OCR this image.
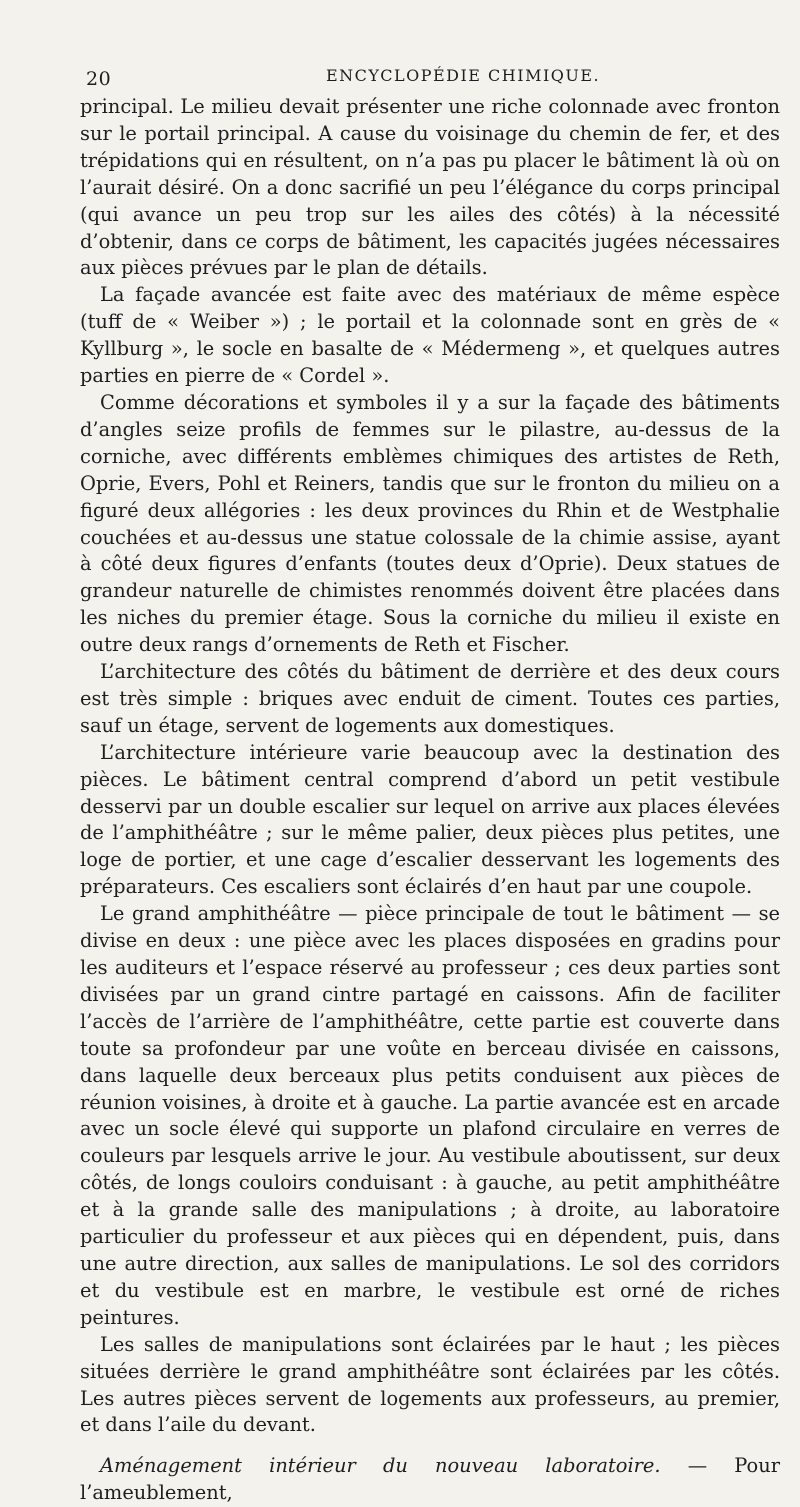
20	ENCYCLOPÉDIE CHIMIQUE.

principal. Le milieu devait présenter une riche colonnade avec fronton sur le portail principal. A cause du voisinage du chemin de fer, et des trépidations qui en résultent, on n’a pas pu placer le bâtiment là où on l’aurait désiré. On a donc sacrifié un peu l’élégance du corps principal (qui avance un peu trop sur les ailes des côtés) à la nécessité d’obtenir, dans ce corps de bâtiment, les capacités jugées nécessaires aux pièces prévues par le plan de détails.

La façade avancée est faite avec des matériaux de même espèce (tuff de « Weiber ») ; le portail et la colonnade sont en grès de « Kyllburg », le socle en basalte de « Médermeng », et quelques autres parties en pierre de « Cordel ».

Comme décorations et symboles il y a sur la façade des bâtiments d’angles seize profils de femmes sur le pilastre, au-dessus de la corniche, avec différents emblèmes chimiques des artistes de Reth, Oprie, Evers, Pohl et Reiners, tandis que sur le fronton du milieu on a figuré deux allégories : les deux provinces du Rhin et de Westphalie couchées et au-dessus une statue colossale de la chimie assise, ayant à côté deux figures d’enfants (toutes deux d’Oprie). Deux statues de grandeur naturelle de chimistes renommés doivent être placées dans les niches du premier étage. Sous la corniche du milieu il existe en outre deux rangs d’ornements de Reth et Fischer.

L’architecture des côtés du bâtiment de derrière et des deux cours est très simple : briques avec enduit de ciment. Toutes ces parties, sauf un étage, servent de logements aux domestiques.

L’architecture intérieure varie beaucoup avec la destination des pièces. Le bâtiment central comprend d’abord un petit vestibule desservi par un double escalier sur lequel on arrive aux places élevées de l’amphithéâtre ; sur le même palier, deux pièces plus petites, une loge de portier, et une cage d’escalier desservant les logements des préparateurs. Ces escaliers sont éclairés d’en haut par une coupole.

Le grand amphithéâtre — pièce principale de tout le bâtiment — se divise en deux : une pièce avec les places disposées en gradins pour les auditeurs et l’espace réservé au professeur ; ces deux parties sont divisées par un grand cintre partagé en caissons. Afin de faciliter l’accès de l’arrière de l’amphithéâtre, cette partie est couverte dans toute sa profondeur par une voûte en berceau divisée en caissons, dans laquelle deux berceaux plus petits conduisent aux pièces de réunion voisines, à droite et à gauche. La partie avancée est en arcade avec un socle élevé qui supporte un plafond circulaire en verres de couleurs par lesquels arrive le jour. Au vestibule aboutissent, sur deux côtés, de longs couloirs conduisant : à gauche, au petit amphithéâtre et à la grande salle des manipulations ; à droite, au laboratoire particulier du professeur et aux pièces qui en dépendent, puis, dans une autre direction, aux salles de manipulations. Le sol des corridors et du vestibule est en marbre, le vestibule est orné de riches peintures.

Les salles de manipulations sont éclairées par le haut ; les pièces situées derrière le grand amphithéâtre sont éclairées par les côtés. Les autres pièces servent de logements aux professeurs, au premier, et dans l’aile du devant.

Aménagement intérieur du nouveau laboratoire. — Pour l’ameublement,
